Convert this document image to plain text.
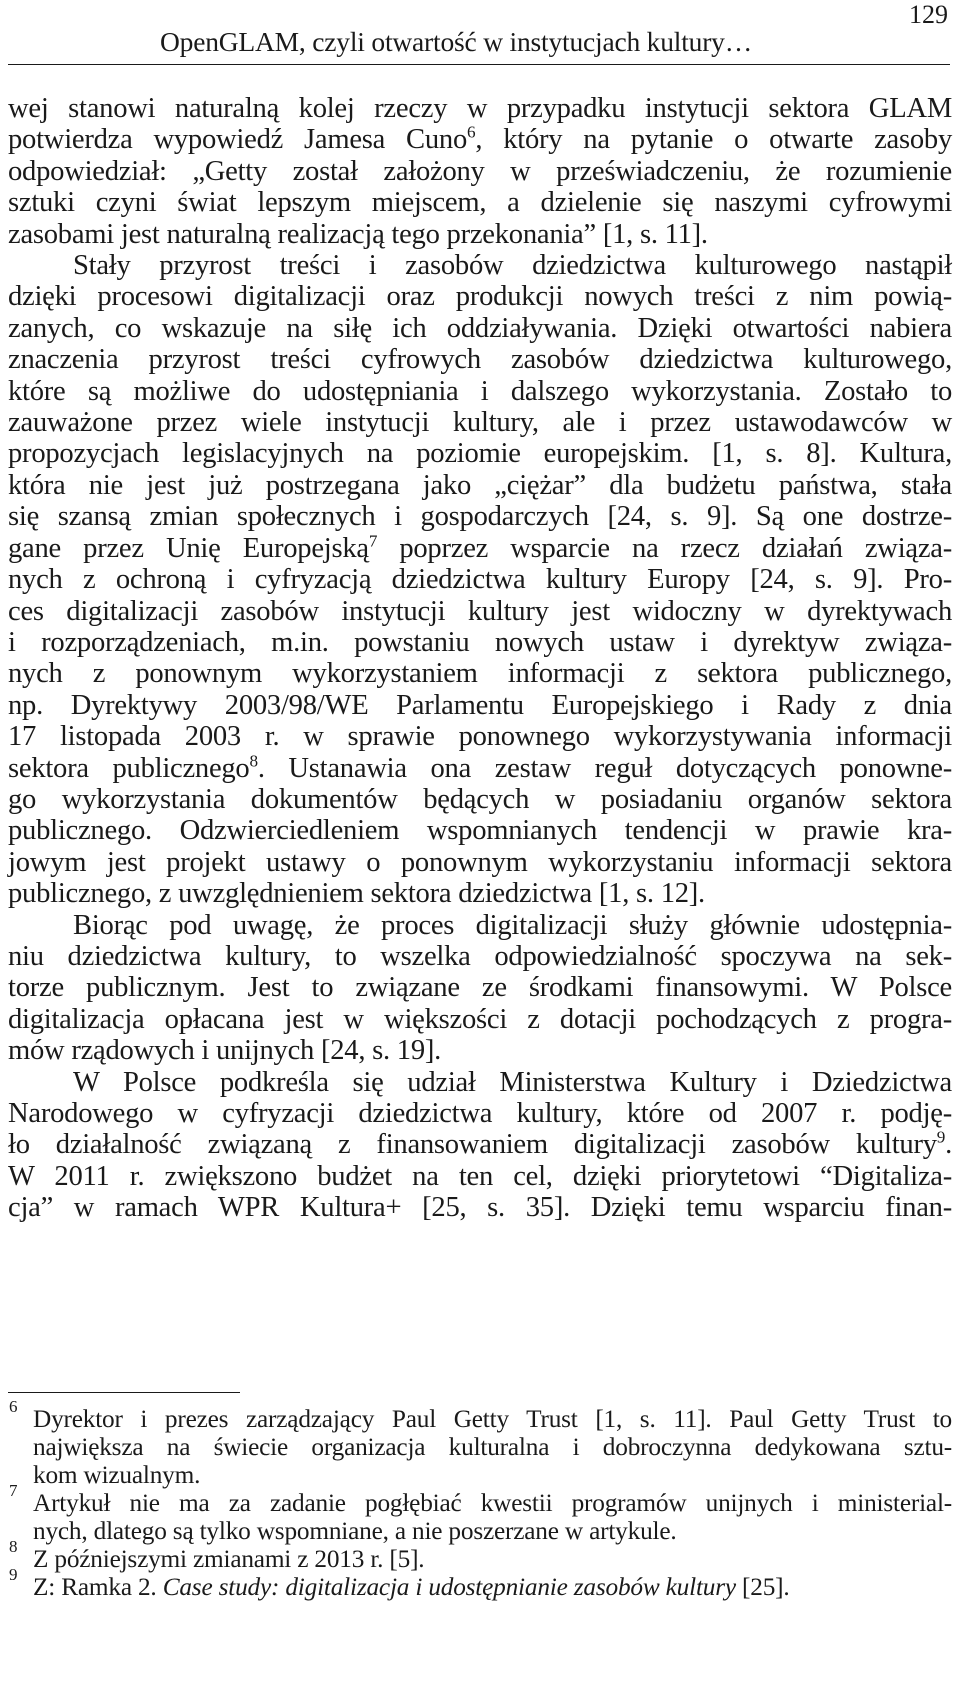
OpenGLAM, czyli otwartość w instytucjach kultury…
129

wej stanowi naturalną kolej rzeczy w przypadku instytucji sektora GLAM

potwierdza wypowiedź Jamesa Cuno$^6$, który na pytanie o otwarte zasoby

odpowiedział: „Getty został założony w przeświadczeniu, że rozumienie

sztuki czyni świat lepszym miejscem, a dzielenie się naszymi cyfrowymi

zasobami jest naturalną realizacją tego przekonania” [1, s. 11].

Stały przyrost treści i zasobów dziedzictwa kulturowego nastąpił

dzięki procesowi digitalizacji oraz produkcji nowych treści z nim powią-

zanych, co wskazuje na siłę ich oddziaływania. Dzięki otwartości nabiera

znaczenia przyrost treści cyfrowych zasobów dziedzictwa kulturowego,

które są możliwe do udostępniania i dalszego wykorzystania. Zostało to

zauważone przez wiele instytucji kultury, ale i przez ustawodawców w

propozycjach legislacyjnych na poziomie europejskim. [1, s. 8]. Kultura,

która nie jest już postrzegana jako „ciężar” dla budżetu państwa, stała

się szansą zmian społecznych i gospodarczych [24, s. 9]. Są one dostrze-

gane przez Unię Europejską$^7$ poprzez wsparcie na rzecz działań związa-

nych z ochroną i cyfryzacją dziedzictwa kultury Europy [24, s. 9]. Pro-

ces digitalizacji zasobów instytucji kultury jest widoczny w dyrektywach

i rozporządzeniach, m.in. powstaniu nowych ustaw i dyrektyw związa-

nych z ponownym wykorzystaniem informacji z sektora publicznego,

np. Dyrektywy 2003/98/WE Parlamentu Europejskiego i Rady z dnia

17 listopada 2003 r. w sprawie ponownego wykorzystywania informacji

sektora publicznego$^8$. Ustanawia ona zestaw reguł dotyczących ponowne-

go wykorzystania dokumentów będących w posiadaniu organów sektora

publicznego. Odzwierciedleniem wspomnianych tendencji w prawie kra-

jowym jest projekt ustawy o ponownym wykorzystaniu informacji sektora

publicznego, z uwzględnieniem sektora dziedzictwa [1, s. 12].

Biorąc pod uwagę, że proces digitalizacji służy głównie udostępnia-

niu dziedzictwa kultury, to wszelka odpowiedzialność spoczywa na sek-

torze publicznym. Jest to związane ze środkami finansowymi. W Polsce

digitalizacja opłacana jest w większości z dotacji pochodzących z progra-

mów rządowych i unijnych [24, s. 19].

W Polsce podkreśla się udział Ministerstwa Kultury i Dziedzictwa

Narodowego w cyfryzacji dziedzictwa kultury, które od 2007 r. podję-

ło działalność związaną z finansowaniem digitalizacji zasobów kultury$^9$.

W 2011 r. zwiększono budżet na ten cel, dzięki priorytetowi “Digitaliza-

cja” w ramach WPR Kultura+ [25, s. 35]. Dzięki temu wsparciu finan-

6 Dyrektor i prezes zarządzający Paul Getty Trust [1, s. 11]. Paul Getty Trust to

największa na świecie organizacja kulturalna i dobroczynna dedykowana sztu-

kom wizualnym.

7 Artykuł nie ma za zadanie pogłębiać kwestii programów unijnych i ministerial-

nych, dlatego są tylko wspomniane, a nie poszerzane w artykule.

8 Z późniejszymi zmianami z 2013 r. [5].

9 Z: Ramka 2. Case study: digitalizacja i udostępnianie zasobów kultury [25].
